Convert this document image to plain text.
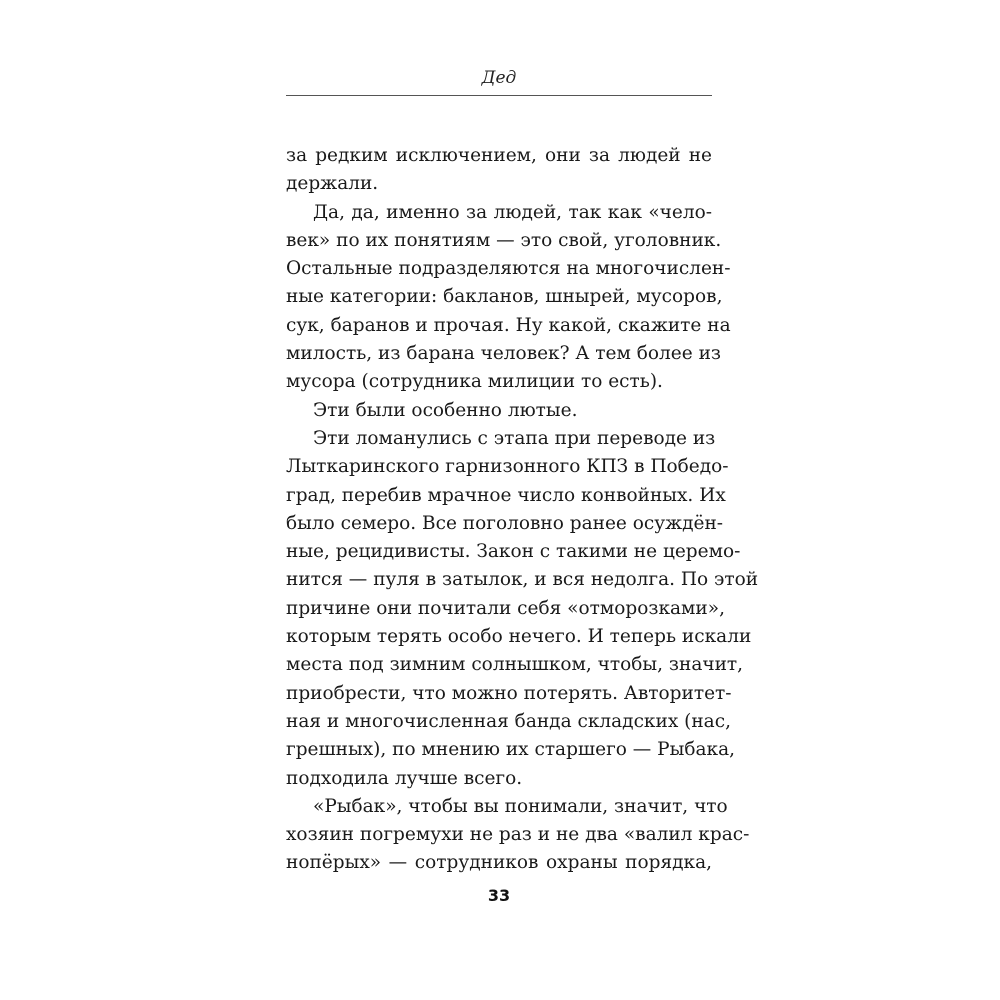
Дед
за редким исключением, они за людей не
держали.
Да, да, именно за людей, так как «чело-
век» по их понятиям — это свой, уголовник.
Остальные подразделяются на многочислен-
ные категории: бакланов, шнырей, мусоров,
сук, баранов и прочая. Ну какой, скажите на
милость, из барана человек? А тем более из
мусора (сотрудника милиции то есть).
Эти были особенно лютые.
Эти ломанулись с этапа при переводе из
Лыткаринского гарнизонного КПЗ в Победо-
град, перебив мрачное число конвойных. Их
было семеро. Все поголовно ранее осуждён-
ные, рецидивисты. Закон с такими не церемо-
нится — пуля в затылок, и вся недолга. По этой
причине они почитали себя «отморозками»,
которым терять особо нечего. И теперь искали
места под зимним солнышком, чтобы, значит,
приобрести, что можно потерять. Авторитет-
ная и многочисленная банда складских (нас,
грешных), по мнению их старшего — Рыбака,
подходила лучше всего.
«Рыбак», чтобы вы понимали, значит, что
хозяин погремухи не раз и не два «валил крас-
нопёрых» — сотрудников охраны порядка,
33
